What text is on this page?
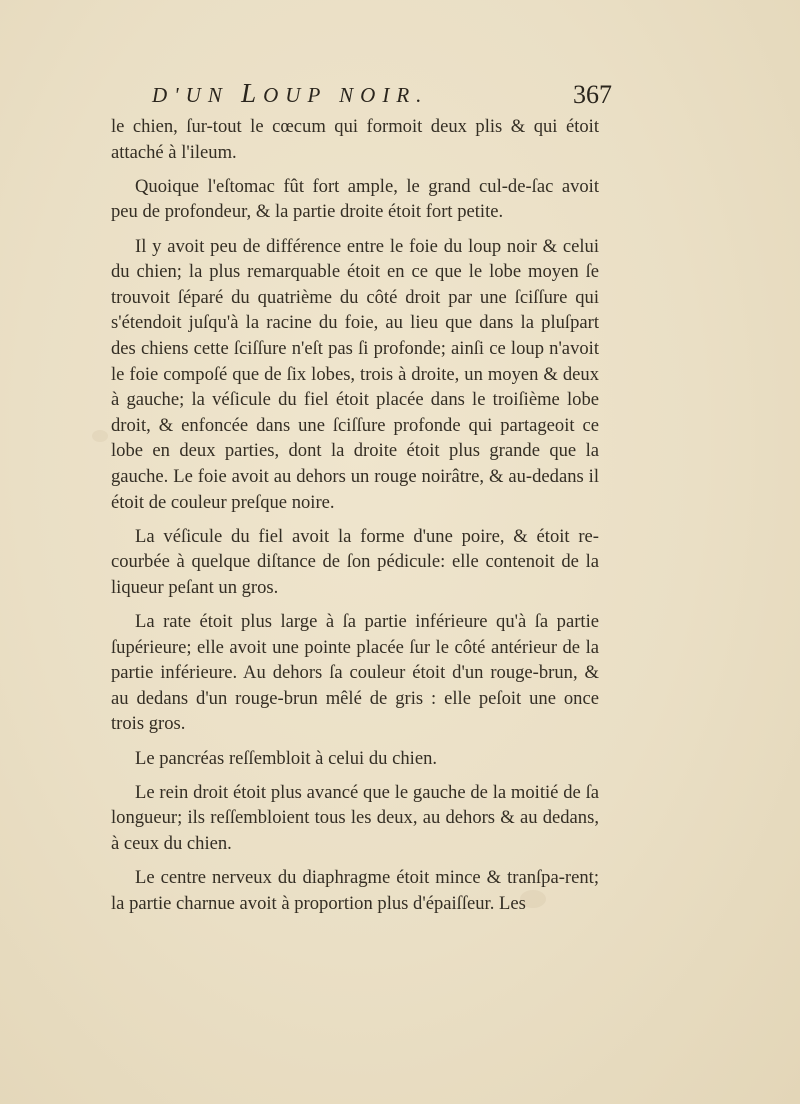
D'UN LOUP NOIR.	367

le chien, ſur-tout le cœcum qui formoit deux plis & qui étoit attaché à l'ileum.

Quoique l'eſtomac fût fort ample, le grand cul-de-ſac avoit peu de profondeur, & la partie droite étoit fort petite.

Il y avoit peu de différence entre le foie du loup noir & celui du chien; la plus remarquable étoit en ce que le lobe moyen ſe trouvoit ſéparé du quatrième du côté droit par une ſciſſure qui s'étendoit juſqu'à la racine du foie, au lieu que dans la pluſpart des chiens cette ſciſſure n'eſt pas ſi profonde; ainſi ce loup n'avoit le foie compoſé que de ſix lobes, trois à droite, un moyen & deux à gauche; la véſicule du fiel étoit placée dans le troiſième lobe droit, & enfoncée dans une ſciſſure profonde qui partageoit ce lobe en deux parties, dont la droite étoit plus grande que la gauche. Le foie avoit au dehors un rouge noirâtre, & au-dedans il étoit de couleur preſque noire.

La véſicule du fiel avoit la forme d'une poire, & étoit re-courbée à quelque diſtance de ſon pédicule: elle contenoit de la liqueur peſant un gros.

La rate étoit plus large à ſa partie inférieure qu'à ſa partie ſupérieure; elle avoit une pointe placée ſur le côté antérieur de la partie inférieure. Au dehors ſa couleur étoit d'un rouge-brun, & au dedans d'un rouge-brun mêlé de gris : elle peſoit une once trois gros.

Le pancréas reſſembloit à celui du chien.

Le rein droit étoit plus avancé que le gauche de la moitié de ſa longueur; ils reſſembloient tous les deux, au dehors & au dedans, à ceux du chien.

Le centre nerveux du diaphragme étoit mince & tranſpa-rent; la partie charnue avoit à proportion plus d'épaiſſeur. Les
